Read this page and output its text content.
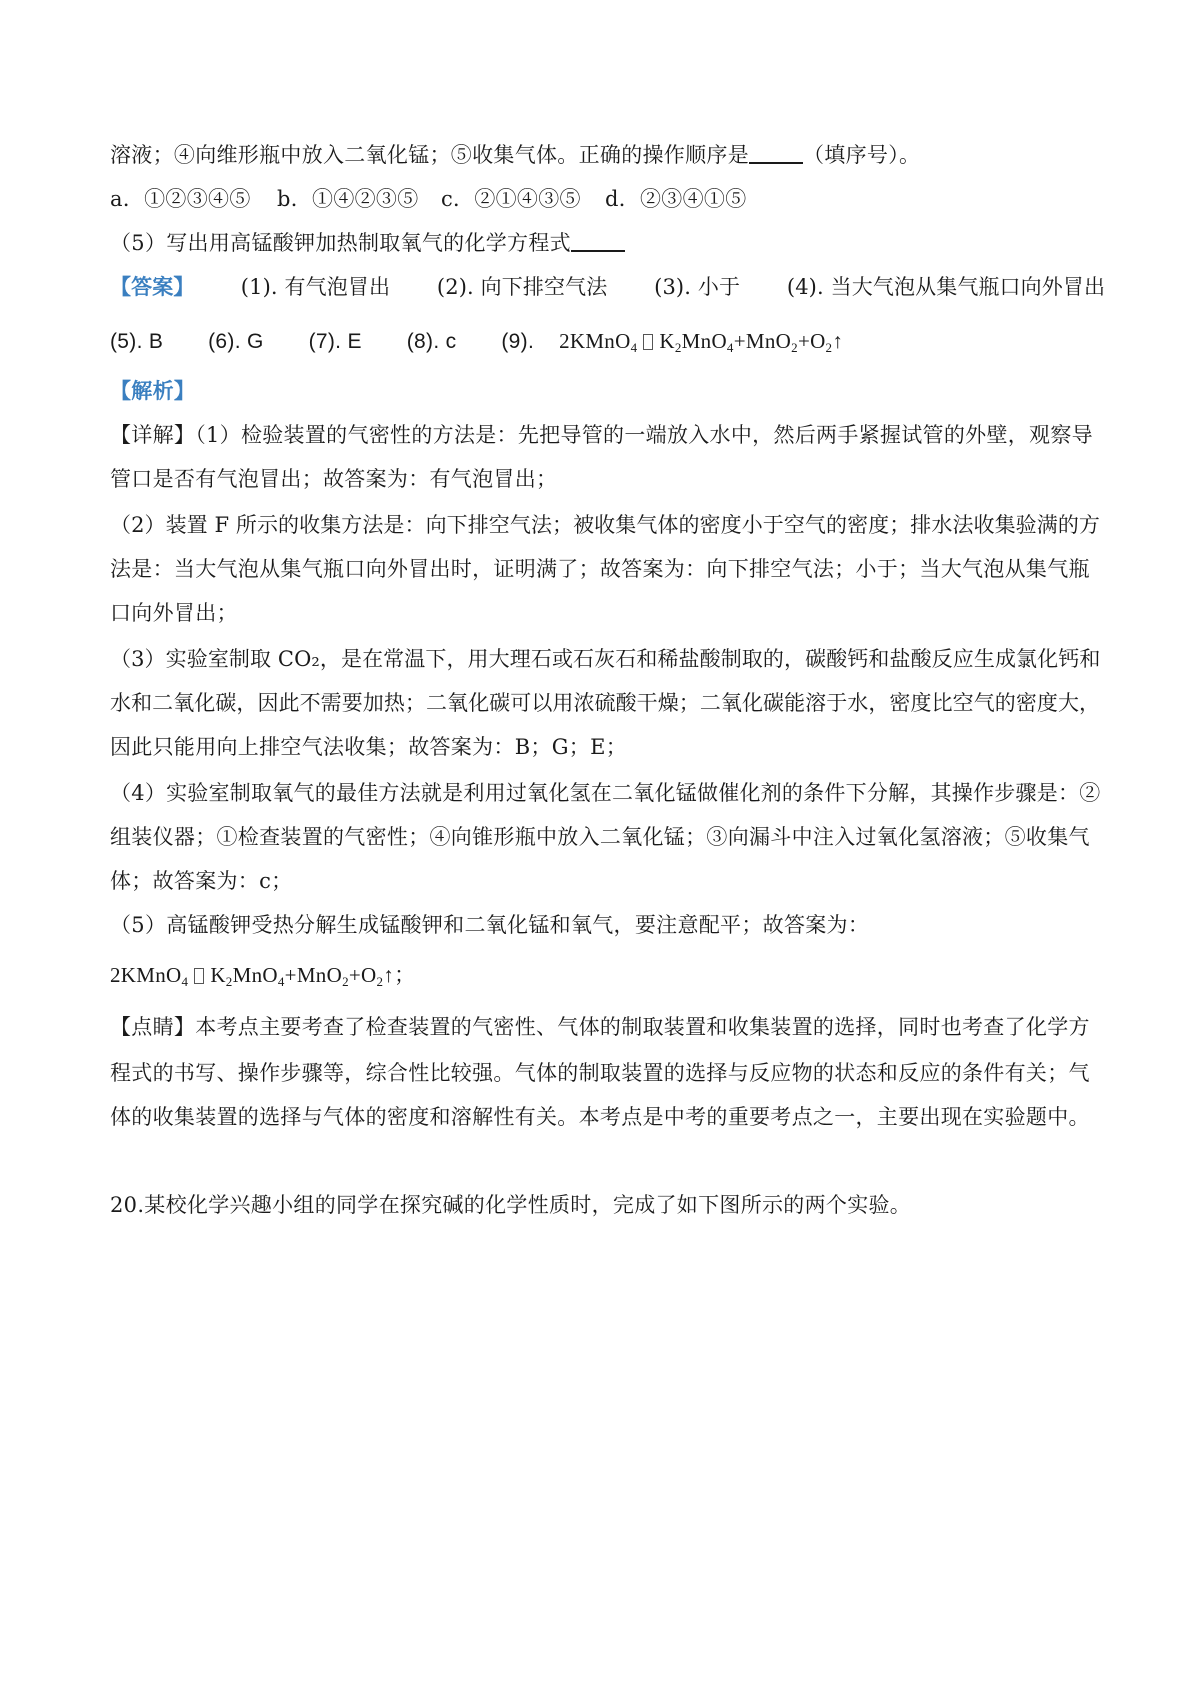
溶液；④向维形瓶中放入二氧化锰；⑤收集气体。正确的操作顺序是	（填序号）。
a．①②③④⑤ b．①④②③⑤ c．②①④③⑤ d．②③④①⑤
（5）写出用高锰酸钾加热制取氧气的化学方程式
【答案】 (1). 有气泡冒出 (2). 向下排空气法 (3). 小于 (4). 当大气泡从集气瓶口向外冒出
(5). B (6). G (7). E (8). c (9). 2KMnO$_4$ $K_2MnO_4+MnO_2+O_2↑$
【解析】
【详解】（1）检验装置的气密性的方法是：先把导管的一端放入水中，然后两手紧握试管的外壁，观察导
管口是否有气泡冒出；故答案为：有气泡冒出；
（2）装置 F 所示的收集方法是：向下排空气法；被收集气体的密度小于空气的密度；排水法收集验满的方
法是：当大气泡从集气瓶口向外冒出时，证明满了；故答案为：向下排空气法；小于；当大气泡从集气瓶
口向外冒出；
（3）实验室制取 CO₂，是在常温下，用大理石或石灰石和稀盐酸制取的，碳酸钙和盐酸反应生成氯化钙和
水和二氧化碳，因此不需要加热；二氧化碳可以用浓硫酸干燥；二氧化碳能溶于水，密度比空气的密度大，
因此只能用向上排空气法收集；故答案为：B；G；E；
（4）实验室制取氧气的最佳方法就是利用过氧化氢在二氧化锰做催化剂的条件下分解，其操作步骤是：②
组装仪器；①检查装置的气密性；④向锥形瓶中放入二氧化锰；③向漏斗中注入过氧化氢溶液；⑤收集气
体；故答案为：c；
（5）高锰酸钾受热分解生成锰酸钾和二氧化锰和氧气，要注意配平；故答案为：
2KMnO$_4$ $K_2MnO_4+MnO_2+O_2↑$；
【点睛】本考点主要考查了检查装置的气密性、气体的制取装置和收集装置的选择，同时也考查了化学方
程式的书写、操作步骤等，综合性比较强。气体的制取装置的选择与反应物的状态和反应的条件有关；气
体的收集装置的选择与气体的密度和溶解性有关。本考点是中考的重要考点之一，主要出现在实验题中。
20.某校化学兴趣小组的同学在探究碱的化学性质时，完成了如下图所示的两个实验。
